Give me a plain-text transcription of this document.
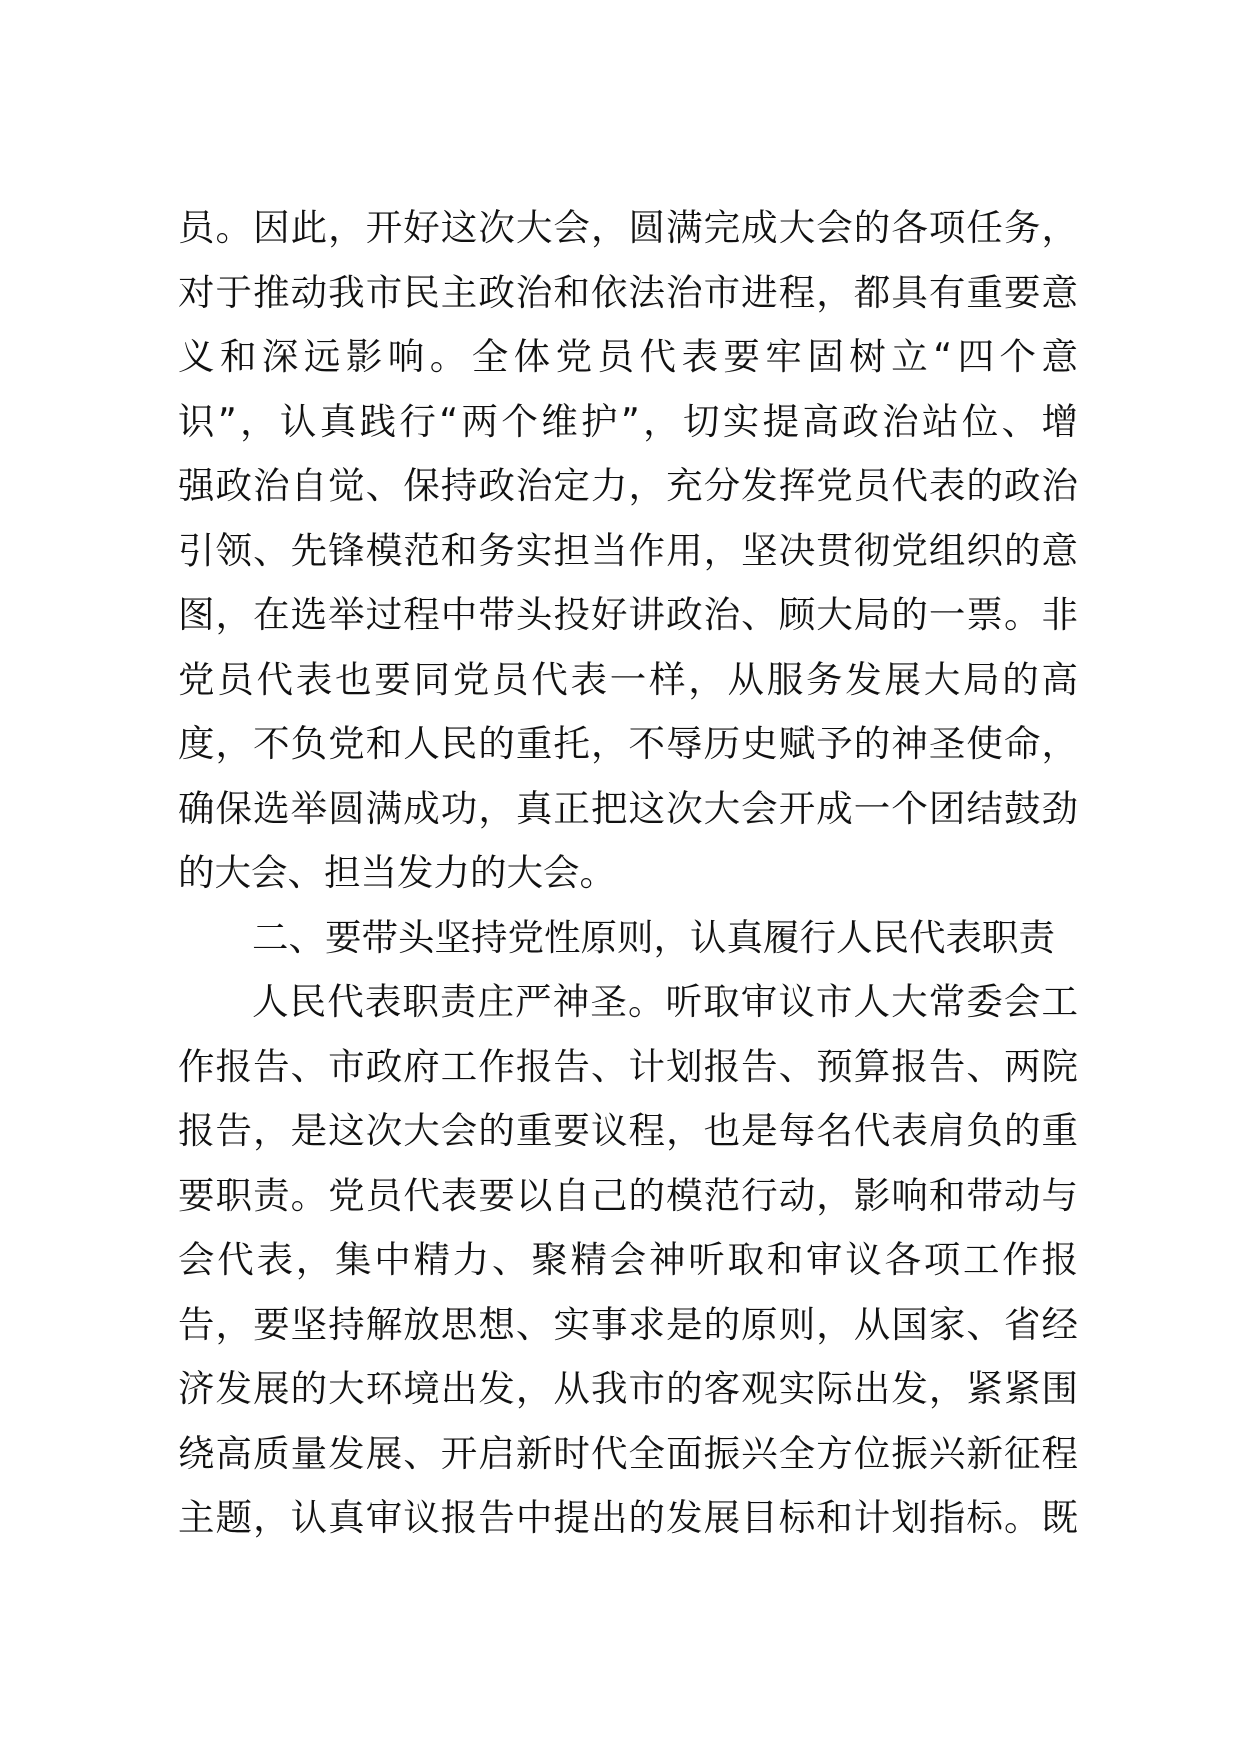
员。因此，开好这次大会，圆满完成大会的各项任务，
对于推动我市民主政治和依法治市进程，都具有重要意
义和深远影响。全体党员代表要牢固树立“四个意
识”，认真践行“两个维护”，切实提高政治站位、增
强政治自觉、保持政治定力，充分发挥党员代表的政治
引领、先锋模范和务实担当作用，坚决贯彻党组织的意
图，在选举过程中带头投好讲政治、顾大局的一票。非
党员代表也要同党员代表一样，从服务发展大局的高
度，不负党和人民的重托，不辱历史赋予的神圣使命，
确保选举圆满成功，真正把这次大会开成一个团结鼓劲
的大会、担当发力的大会。
二、要带头坚持党性原则，认真履行人民代表职责
人民代表职责庄严神圣。听取审议市人大常委会工
作报告、市政府工作报告、计划报告、预算报告、两院
报告，是这次大会的重要议程，也是每名代表肩负的重
要职责。党员代表要以自己的模范行动，影响和带动与
会代表，集中精力、聚精会神听取和审议各项工作报
告，要坚持解放思想、实事求是的原则，从国家、省经
济发展的大环境出发，从我市的客观实际出发，紧紧围
绕高质量发展、开启新时代全面振兴全方位振兴新征程
主题，认真审议报告中提出的发展目标和计划指标。既
